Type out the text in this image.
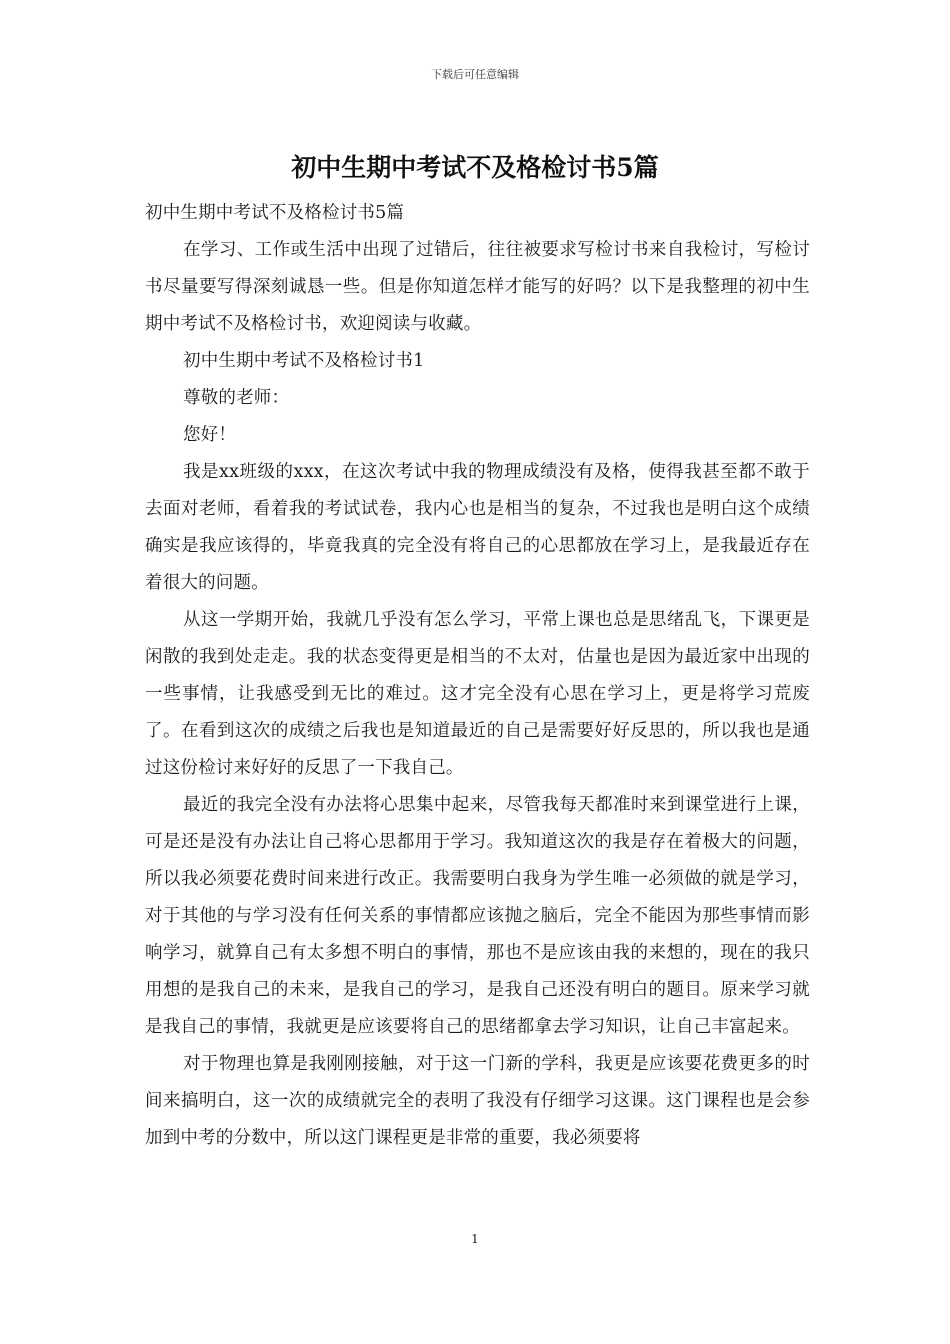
下载后可任意编辑
初中生期中考试不及格检讨书5篇

初中生期中考试不及格检讨书5篇

在学习、工作或生活中出现了过错后，往往被要求写检讨书来自我检讨，写检讨书尽量要写得深刻诚恳一些。但是你知道怎样才能写的好吗？以下是我整理的初中生期中考试不及格检讨书，欢迎阅读与收藏。

初中生期中考试不及格检讨书1

尊敬的老师：

您好！

我是xx班级的xxx，在这次考试中我的物理成绩没有及格，使得我甚至都不敢于去面对老师，看着我的考试试卷，我内心也是相当的复杂，不过我也是明白这个成绩确实是我应该得的，毕竟我真的完全没有将自己的心思都放在学习上，是我最近存在着很大的问题。

从这一学期开始，我就几乎没有怎么学习，平常上课也总是思绪乱飞，下课更是闲散的我到处走走。我的状态变得更是相当的不太对，估量也是因为最近家中出现的一些事情，让我感受到无比的难过。这才完全没有心思在学习上，更是将学习荒废了。在看到这次的成绩之后我也是知道最近的自己是需要好好反思的，所以我也是通过这份检讨来好好的反思了一下我自己。

最近的我完全没有办法将心思集中起来，尽管我每天都准时来到课堂进行上课，可是还是没有办法让自己将心思都用于学习。我知道这次的我是存在着极大的问题，所以我必须要花费时间来进行改正。我需要明白我身为学生唯一必须做的就是学习，对于其他的与学习没有任何关系的事情都应该抛之脑后，完全不能因为那些事情而影响学习，就算自己有太多想不明白的事情，那也不是应该由我的来想的，现在的我只用想的是我自己的未来，是我自己的学习，是我自己还没有明白的题目。原来学习就是我自己的事情，我就更是应该要将自己的思绪都拿去学习知识，让自己丰富起来。

对于物理也算是我刚刚接触，对于这一门新的学科，我更是应该要花费更多的时间来搞明白，这一次的成绩就完全的表明了我没有仔细学习这课。这门课程也是会参加到中考的分数中，所以这门课程更是非常的重要，我必须要将

1
